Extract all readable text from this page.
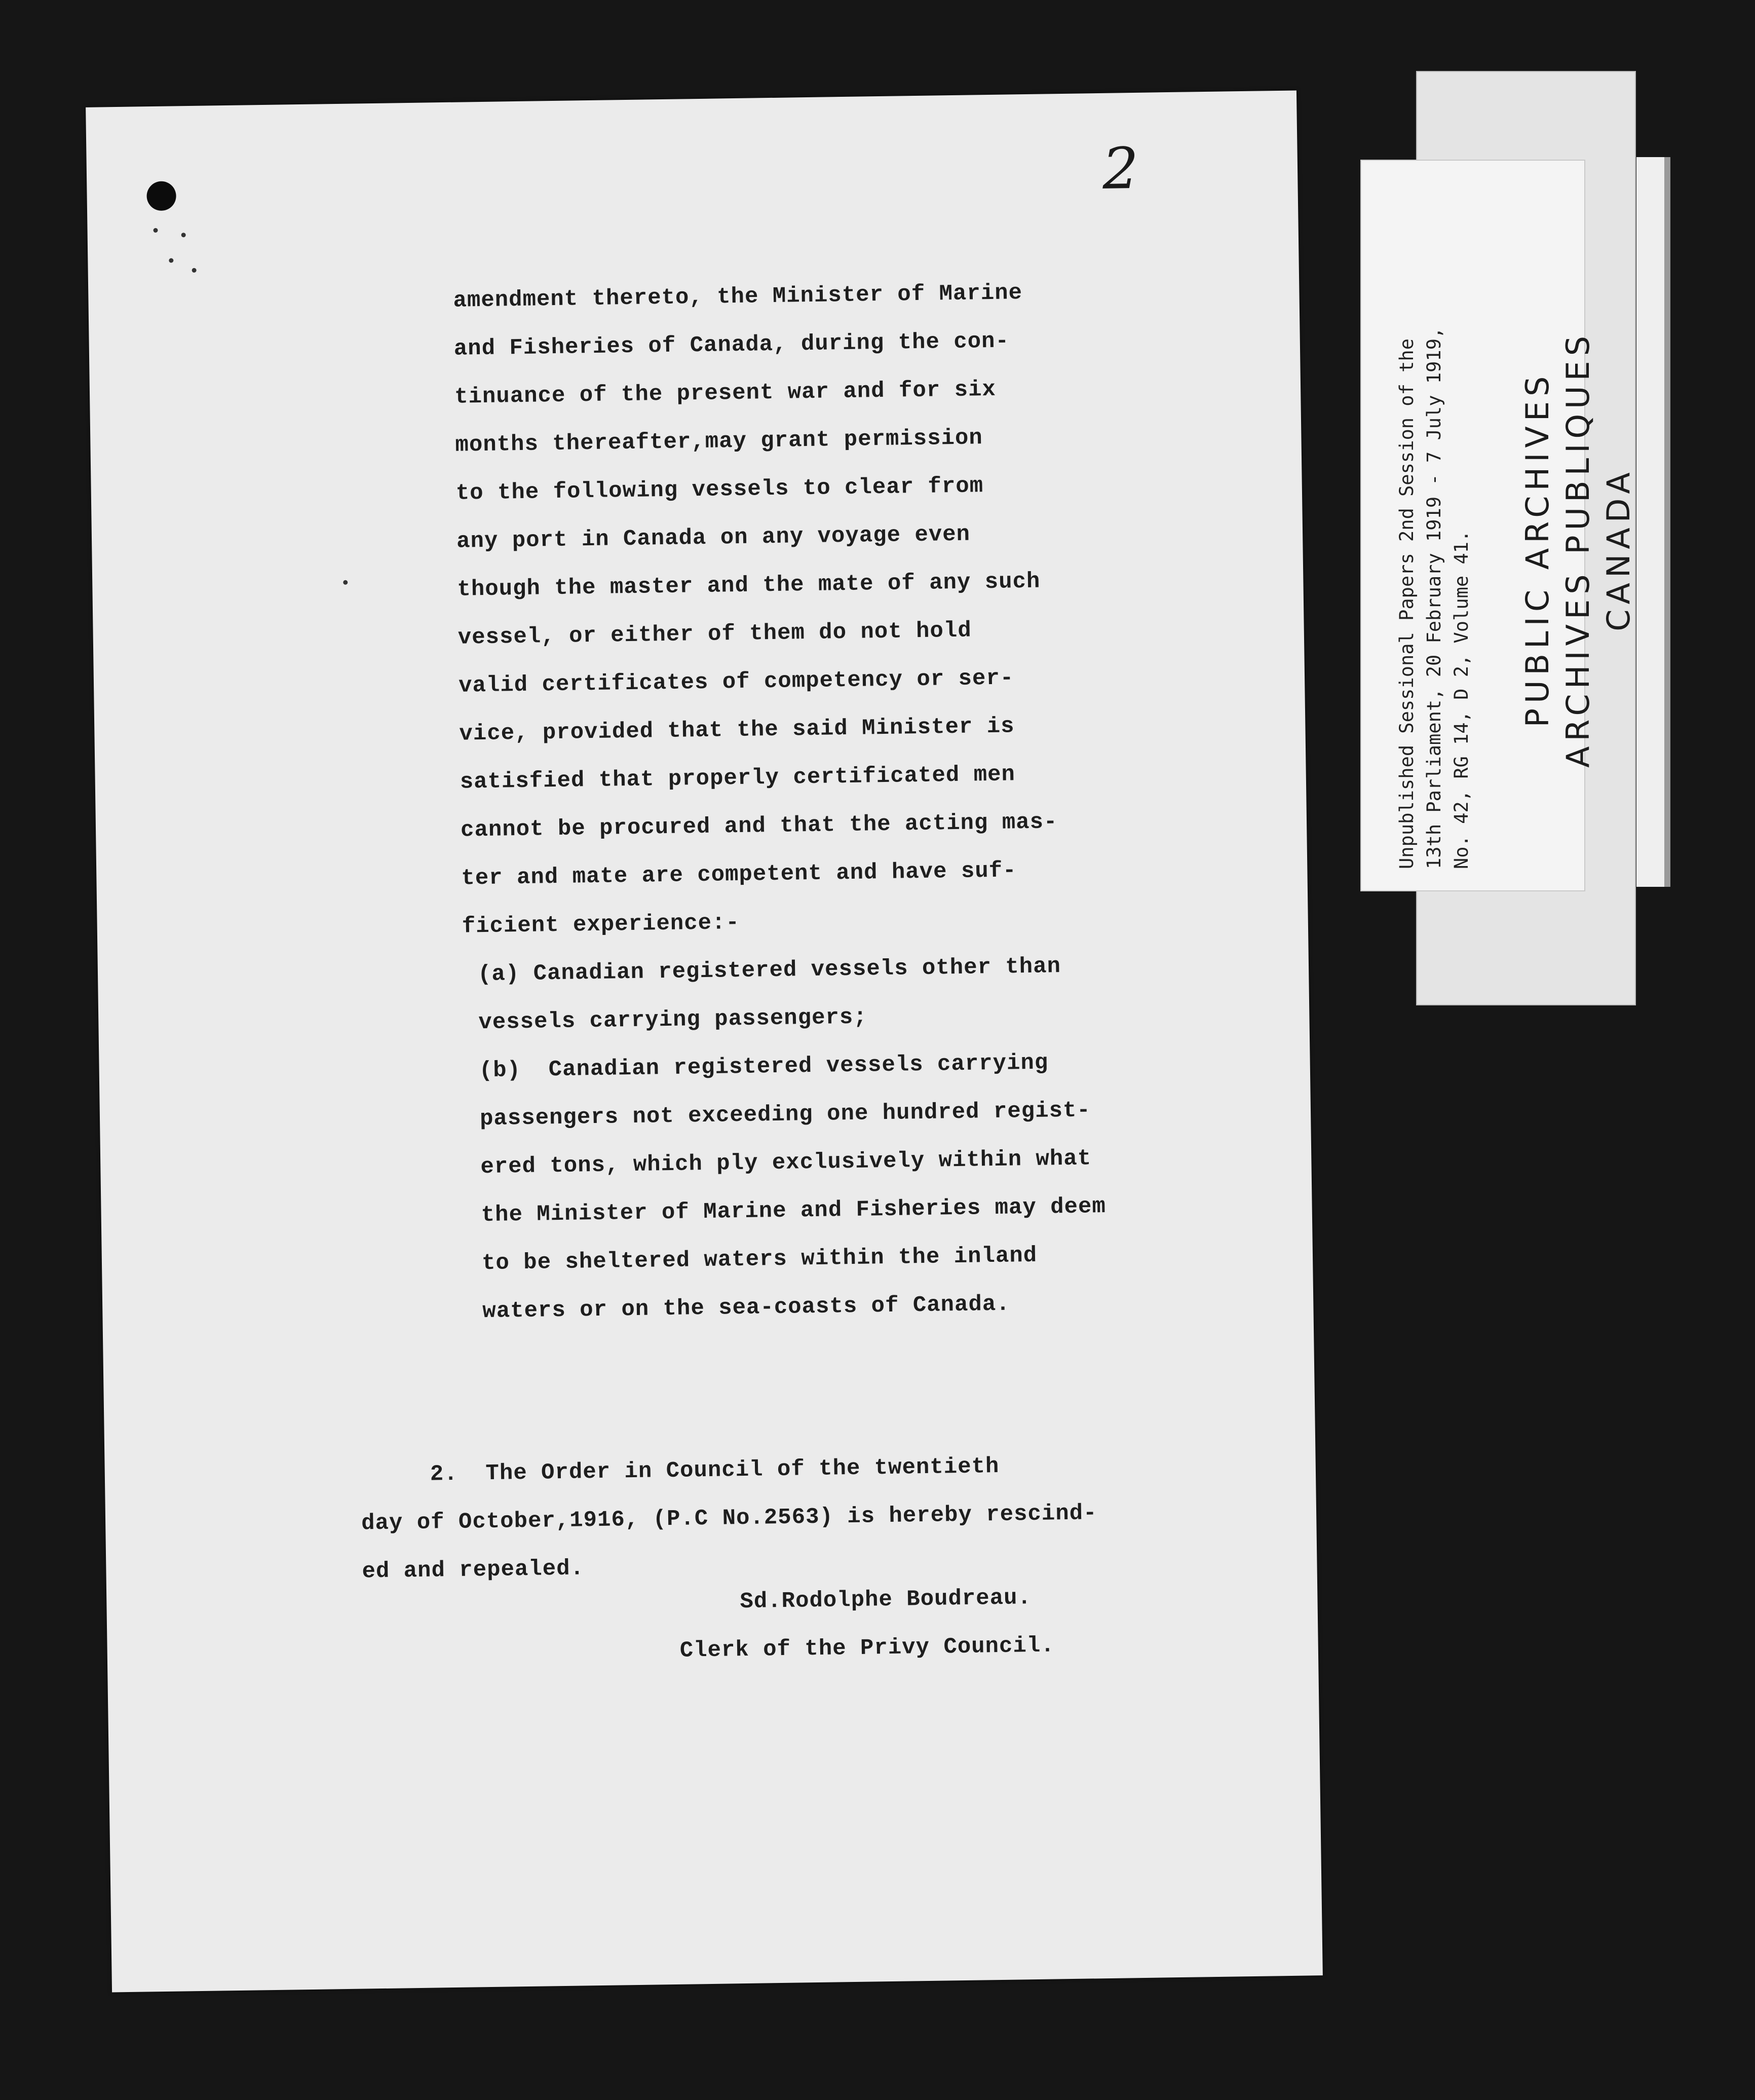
Unpublished Sessional Papers 2nd Session of the 13th Parliament, 20 February 1919 - 7 July 1919, No. 42, RG 14, D 2, Volume 41. PUBLIC ARCHIVES ARCHIVES PUBLIQUES CANADA
2
amendment thereto, the Minister of Marine
and Fisheries of Canada, during the con-
tinuance of the present war and for six
months thereafter,may grant permission
to the following vessels to clear from
any port in Canada on any voyage even
though the master and the mate of any such
vessel, or either of them do not hold
valid certificates of competency or ser-
vice, provided that the said Minister is
satisfied that properly certificated men
cannot be procured and that the acting mas-
ter and mate are competent and have suf-
ficient experience:-
(a) Canadian registered vessels other than
vessels carrying passengers;
(b)  Canadian registered vessels carrying
passengers not exceeding one hundred regist-
ered tons, which ply exclusively within what
the Minister of Marine and Fisheries may deem
to be sheltered waters within the inland
waters or on the sea-coasts of Canada.
2.  The Order in Council of the twentieth
day of October,1916, (P.C No.2563) is hereby rescind-
ed and repealed.
Sd.Rodolphe Boudreau.
Clerk of the Privy Council.
